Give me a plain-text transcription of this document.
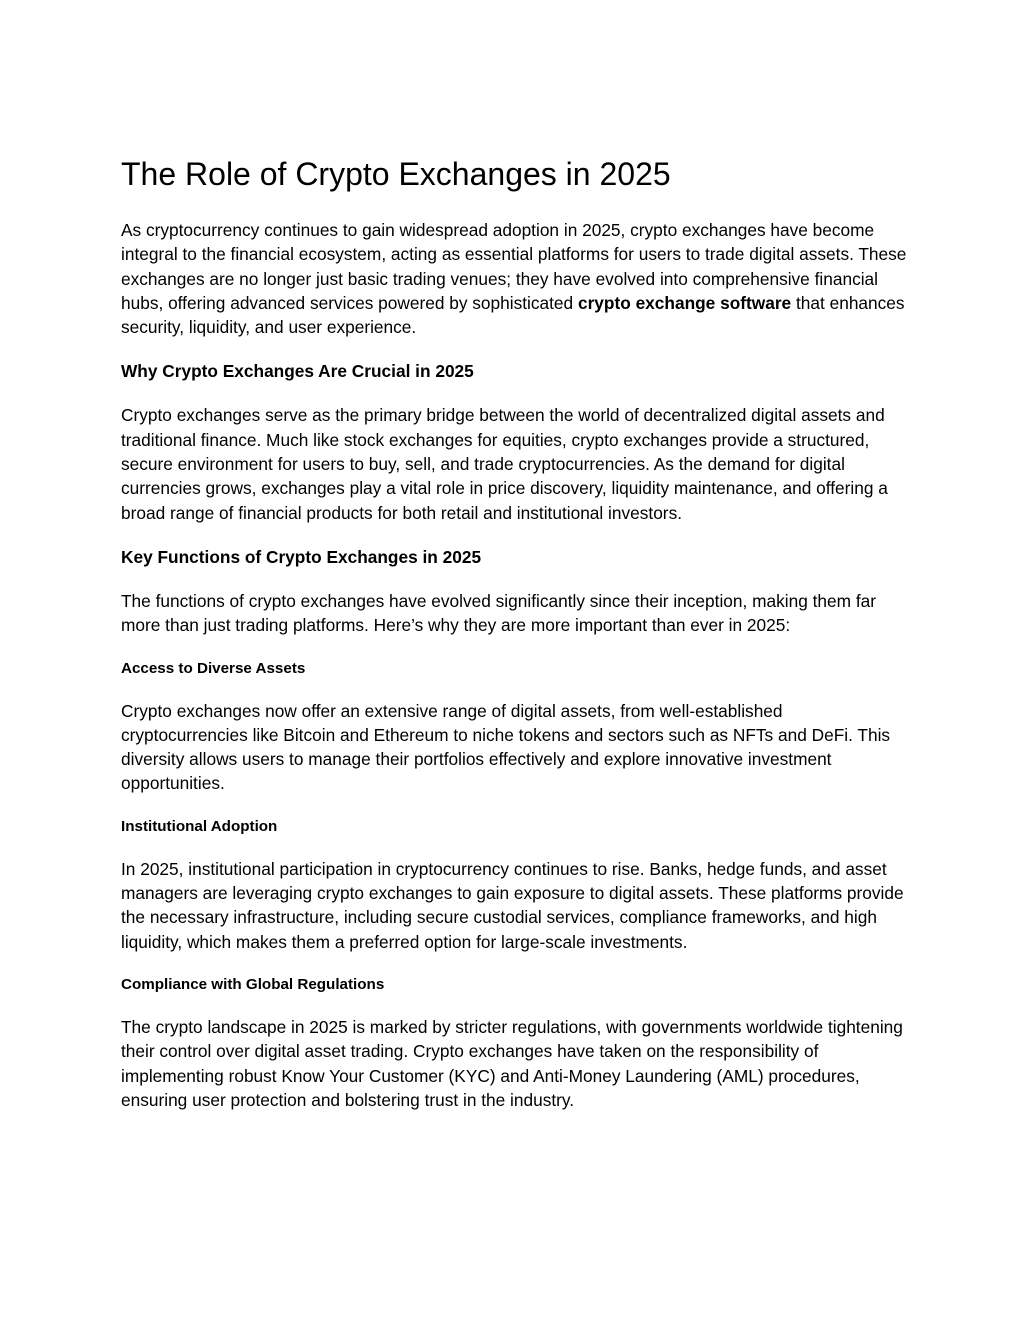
The Role of Crypto Exchanges in 2025

As cryptocurrency continues to gain widespread adoption in 2025, crypto exchanges have become integral to the financial ecosystem, acting as essential platforms for users to trade digital assets. These exchanges are no longer just basic trading venues; they have evolved into comprehensive financial hubs, offering advanced services powered by sophisticated crypto exchange software that enhances security, liquidity, and user experience.

Why Crypto Exchanges Are Crucial in 2025

Crypto exchanges serve as the primary bridge between the world of decentralized digital assets and traditional finance. Much like stock exchanges for equities, crypto exchanges provide a structured, secure environment for users to buy, sell, and trade cryptocurrencies. As the demand for digital currencies grows, exchanges play a vital role in price discovery, liquidity maintenance, and offering a broad range of financial products for both retail and institutional investors.

Key Functions of Crypto Exchanges in 2025

The functions of crypto exchanges have evolved significantly since their inception, making them far more than just trading platforms. Here’s why they are more important than ever in 2025:

Access to Diverse Assets

Crypto exchanges now offer an extensive range of digital assets, from well-established cryptocurrencies like Bitcoin and Ethereum to niche tokens and sectors such as NFTs and DeFi. This diversity allows users to manage their portfolios effectively and explore innovative investment opportunities.

Institutional Adoption

In 2025, institutional participation in cryptocurrency continues to rise. Banks, hedge funds, and asset managers are leveraging crypto exchanges to gain exposure to digital assets. These platforms provide the necessary infrastructure, including secure custodial services, compliance frameworks, and high liquidity, which makes them a preferred option for large-scale investments.

Compliance with Global Regulations

The crypto landscape in 2025 is marked by stricter regulations, with governments worldwide tightening their control over digital asset trading. Crypto exchanges have taken on the responsibility of implementing robust Know Your Customer (KYC) and Anti-Money Laundering (AML) procedures, ensuring user protection and bolstering trust in the industry.
